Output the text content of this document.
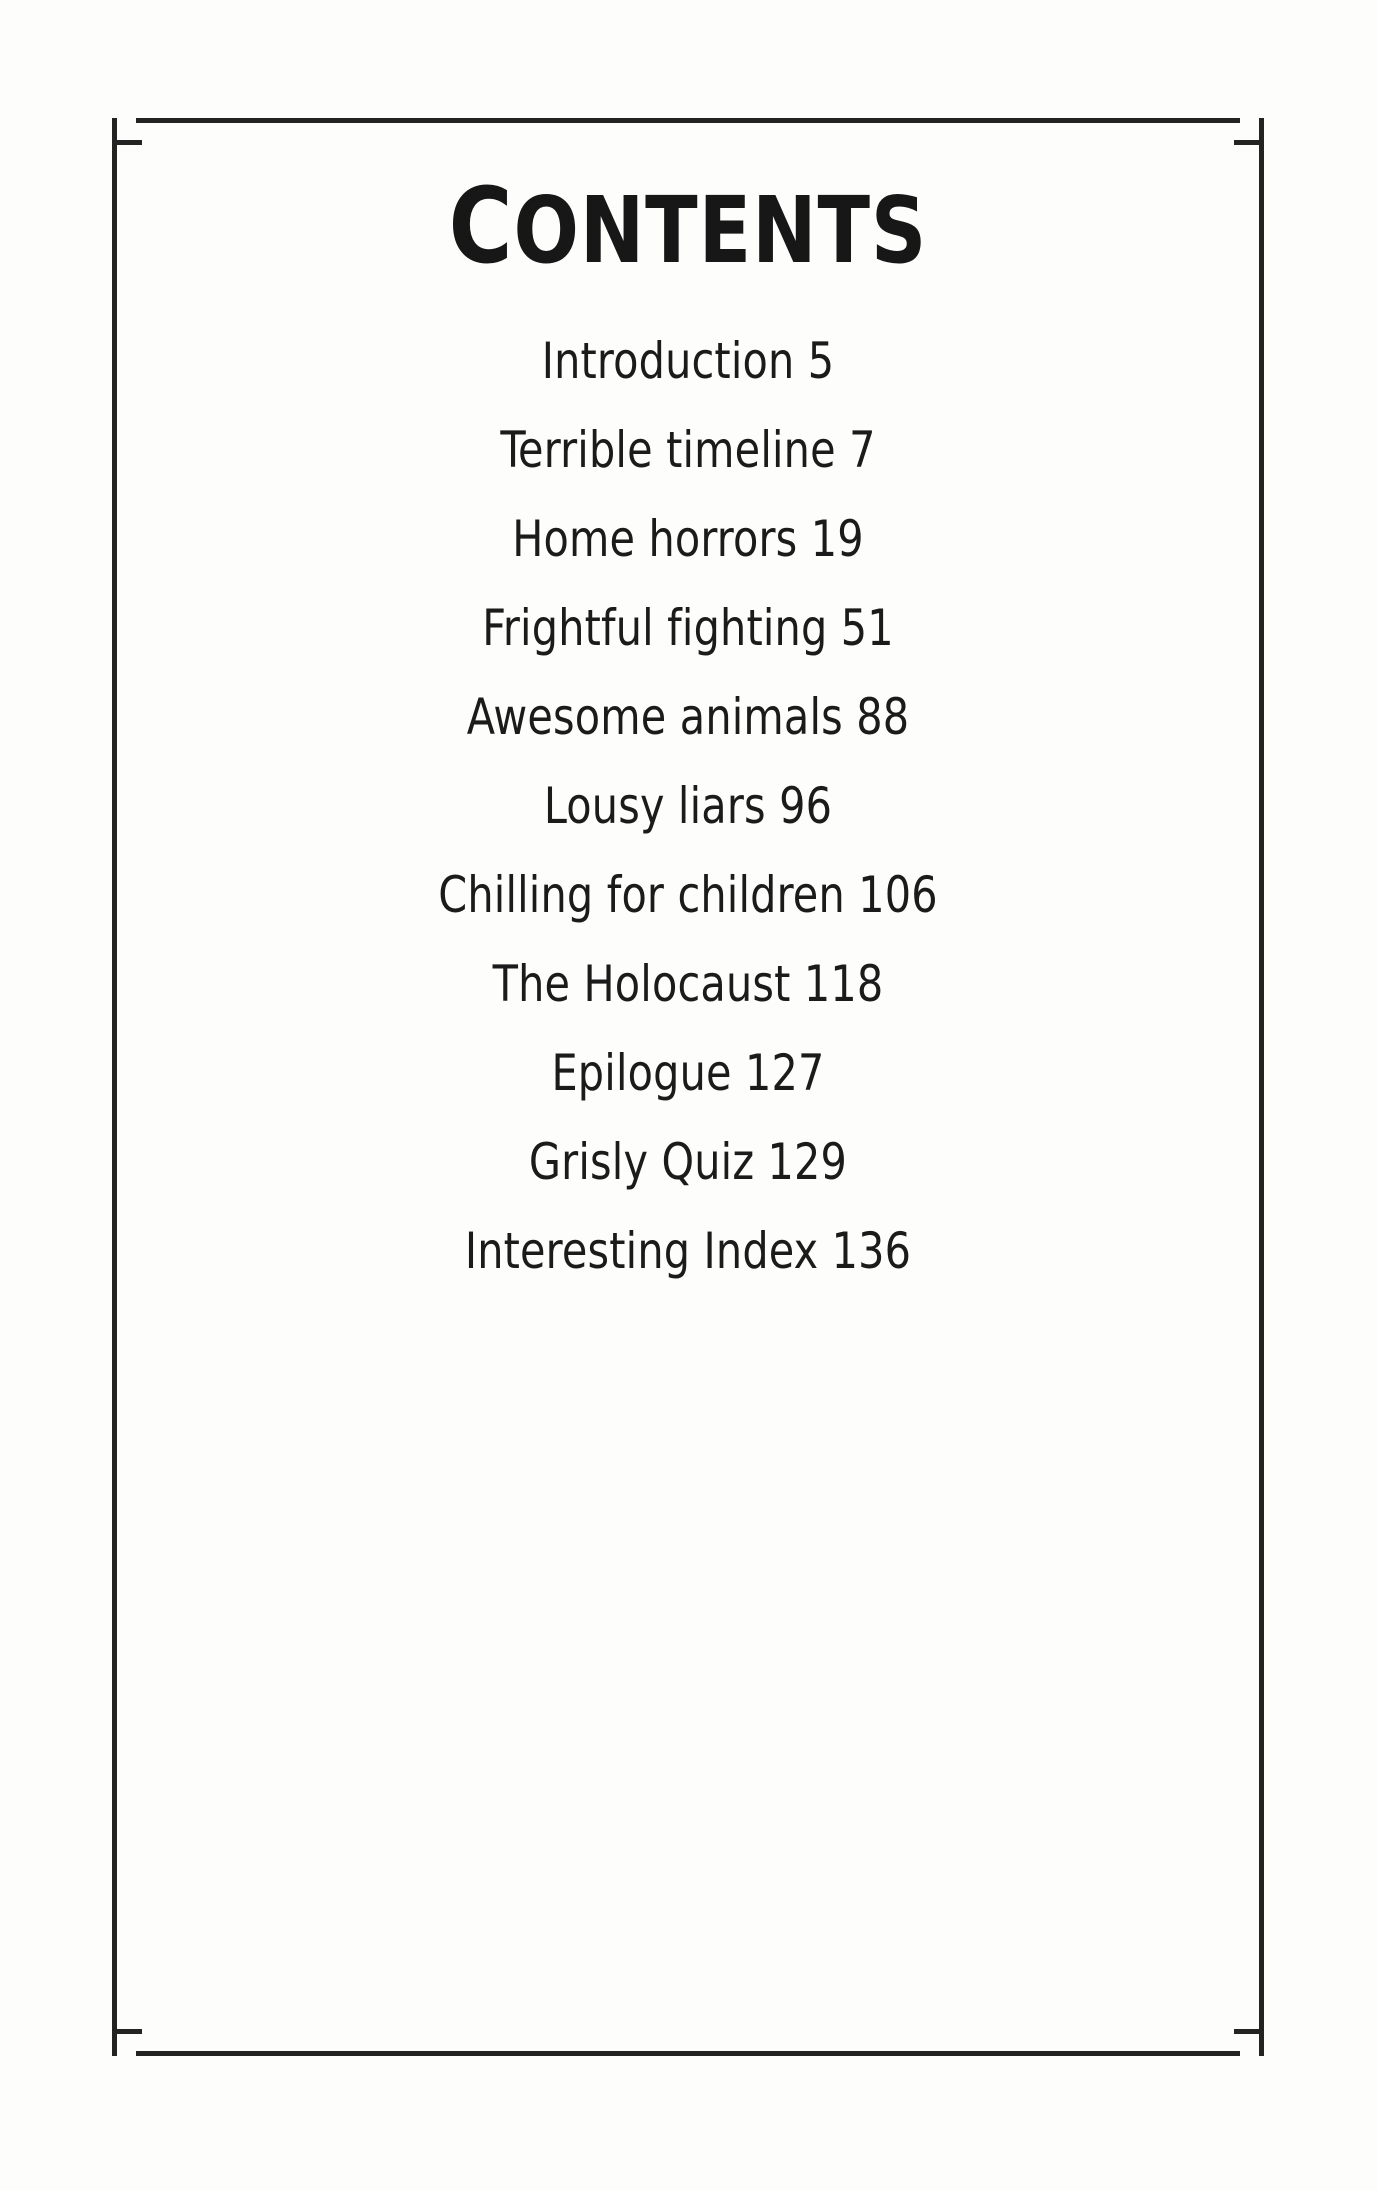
CONTENTS
Introduction 5
Terrible timeline 7
Home horrors 19
Frightful fighting 51
Awesome animals 88
Lousy liars 96
Chilling for children 106
The Holocaust 118
Epilogue 127
Grisly Quiz 129
Interesting Index 136
